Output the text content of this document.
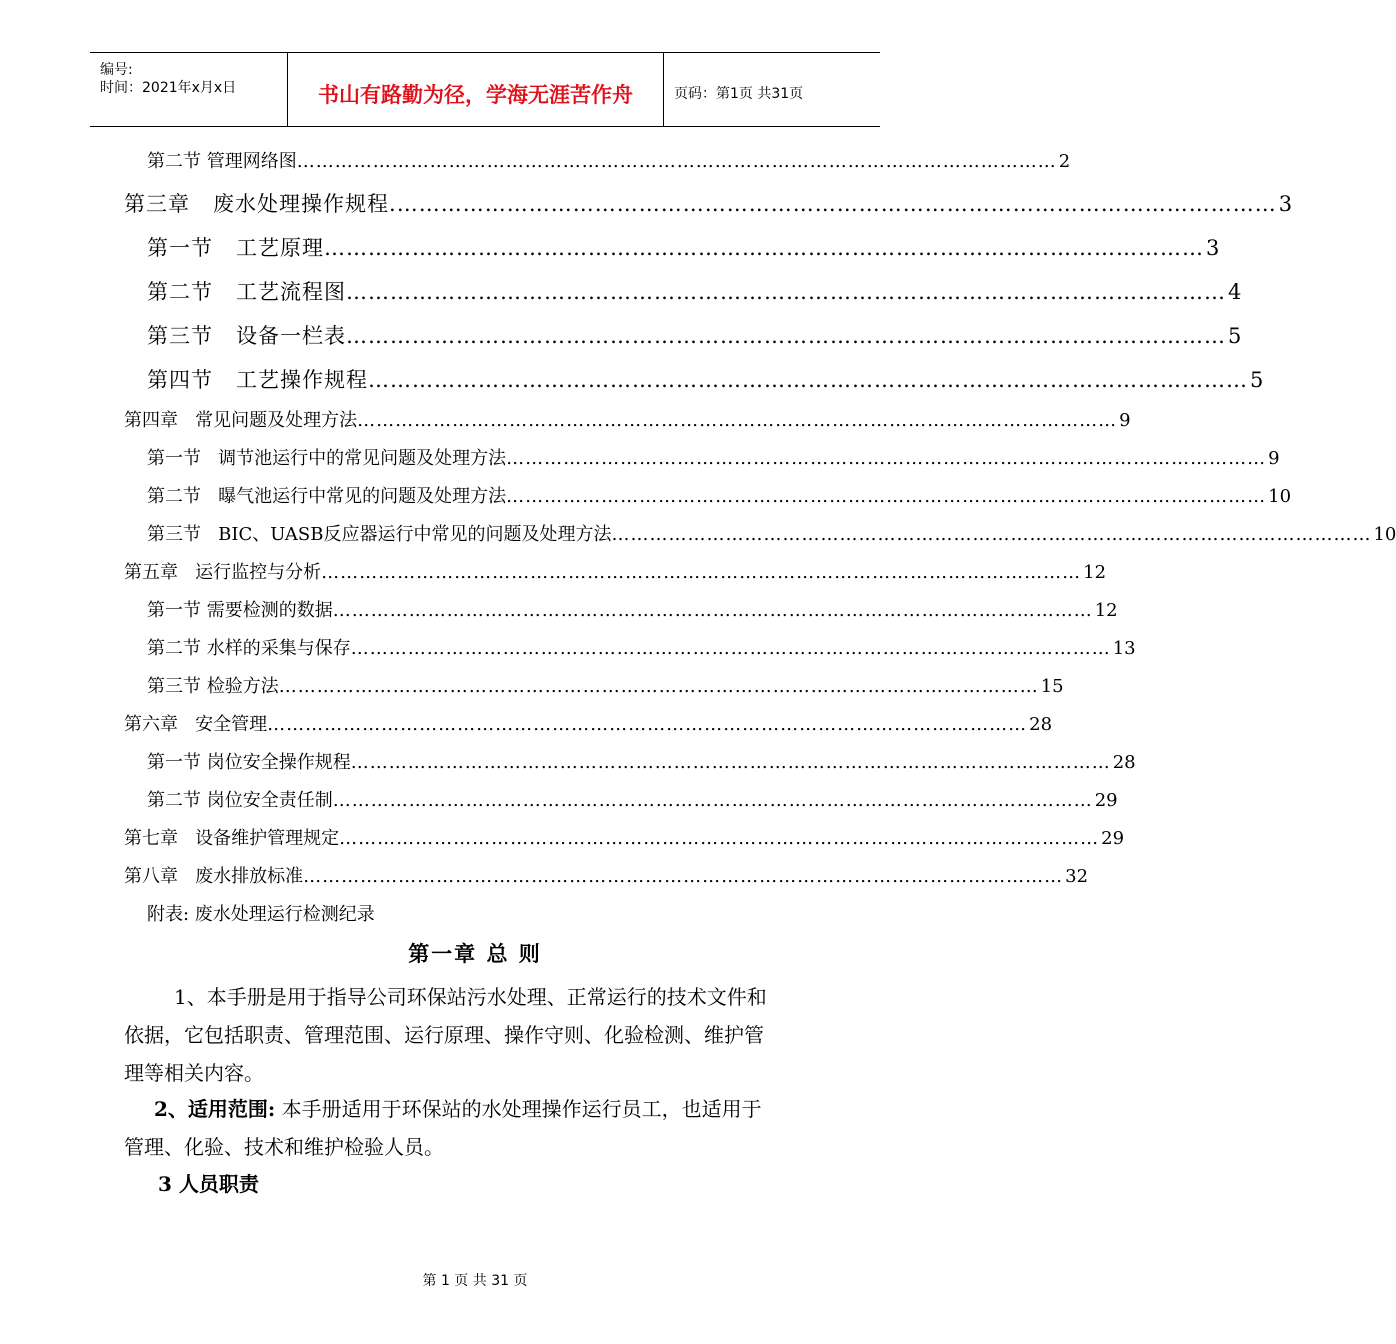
编号:
时间：2021年x月x日	书山有路勤为径，学海无涯苦作舟	页码：第1页 共31页
第二节
管理网络图 ………………………………………………………………………………………………………… 2
第三章
废水处理操作规程. ………………………………………………………………………………………………………… 3
第一节
工艺原理 ………………………………………………………………………………………………………… 3
第二节
工艺流程图 ………………………………………………………………………………………………………… 4
第三节
设备一栏表 ………………………………………………………………………………………………………… 5
第四节
工艺操作规程 ………………………………………………………………………………………………………… 5
第四章
常见问题及处理方法 ………………………………………………………………………………………………………… 9
第一节
调节池运行中的常见问题及处理方法 ………………………………………………………………………………………………………… 9
第二节
曝气池运行中常见的问题及处理方法 ………………………………………………………………………………………………………… 10
第三节
BIC、UASB反应器运行中常见的问题及处理方法 ………………………………………………………………………………………………………… 10
第五章
运行监控与分析 ………………………………………………………………………………………………………… 12
第一节
需要检测的数据 ………………………………………………………………………………………………………… 12
第二节
水样的采集与保存 ………………………………………………………………………………………………………… 13
第三节
检验方法 ………………………………………………………………………………………………………… 15
第六章
安全管理 ………………………………………………………………………………………………………… 28
第一节
岗位安全操作规程 ………………………………………………………………………………………………………… 28
第二节
岗位安全责任制 ………………………………………………………………………………………………………… 29
第七章
设备维护管理规定 ………………………………………………………………………………………………………… 29
第八章
废水排放标准 ………………………………………………………………………………………………………… 32
附表: 废水处理运行检测纪录
第一章 总 则
1、本手册是用于指导公司环保站污水处理、正常运行的技术文件和
依据，它包括职责、管理范围、运行原理、操作守则、化验检测、维护管
理等相关内容。
2、适用范围: 本手册适用于环保站的水处理操作运行员工，也适用于
管理、化验、技术和维护检验人员。
3 人员职责
第 1 页 共 31 页
